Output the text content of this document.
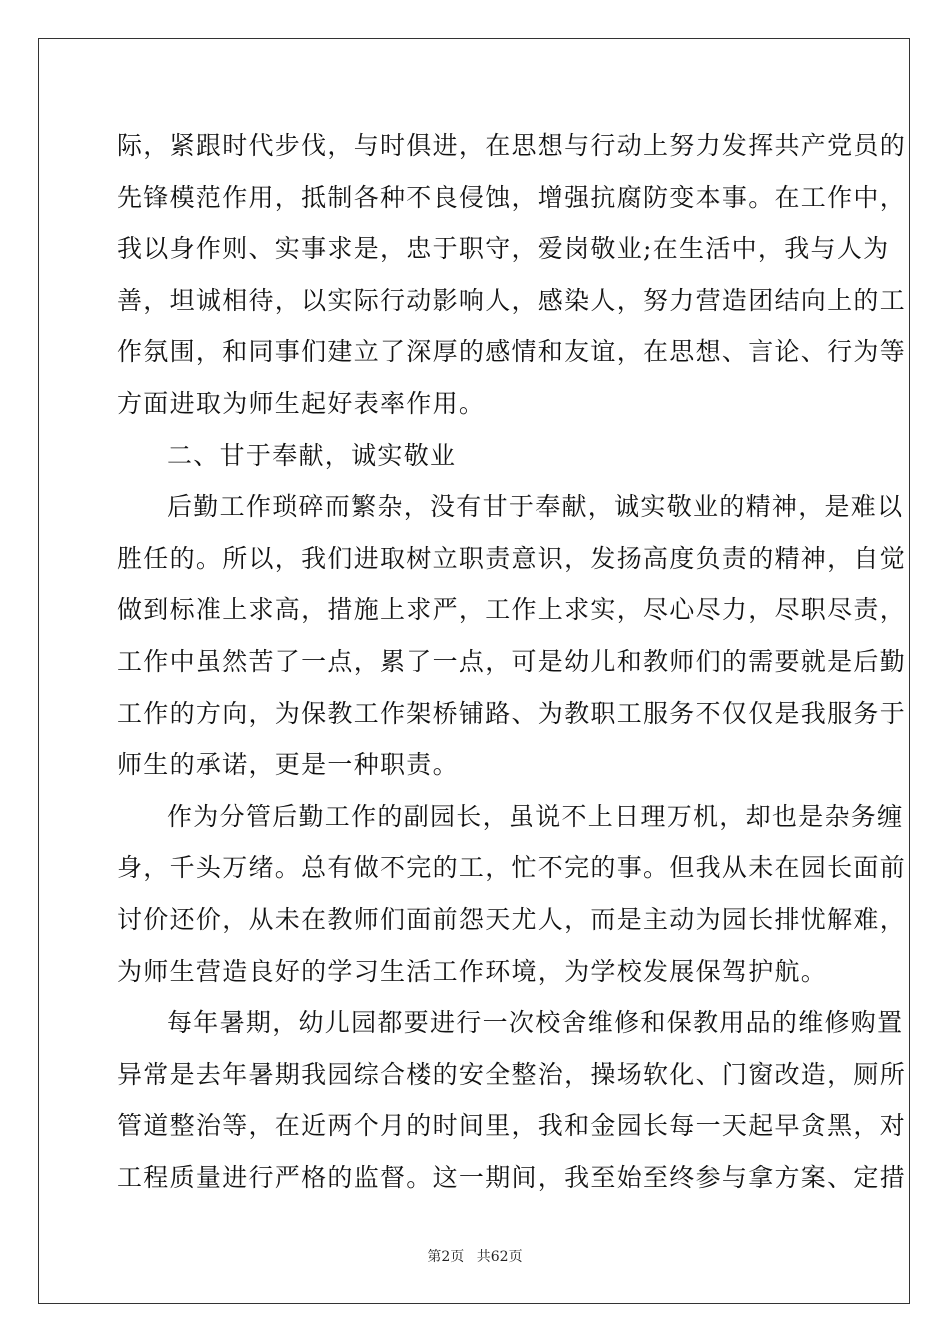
际，紧跟时代步伐，与时俱进，在思想与行动上努力发挥共产党员的
先锋模范作用，抵制各种不良侵蚀，增强抗腐防变本事。在工作中，
我以身作则、实事求是，忠于职守，爱岗敬业;在生活中，我与人为
善，坦诚相待，以实际行动影响人，感染人，努力营造团结向上的工
作氛围，和同事们建立了深厚的感情和友谊，在思想、言论、行为等
方面进取为师生起好表率作用。
二、甘于奉献，诚实敬业
后勤工作琐碎而繁杂，没有甘于奉献，诚实敬业的精神，是难以
胜任的。所以，我们进取树立职责意识，发扬高度负责的精神，自觉
做到标准上求高，措施上求严，工作上求实，尽心尽力，尽职尽责，
工作中虽然苦了一点，累了一点，可是幼儿和教师们的需要就是后勤
工作的方向，为保教工作架桥铺路、为教职工服务不仅仅是我服务于
师生的承诺，更是一种职责。
作为分管后勤工作的副园长，虽说不上日理万机，却也是杂务缠
身，千头万绪。总有做不完的工，忙不完的事。但我从未在园长面前
讨价还价，从未在教师们面前怨天尤人，而是主动为园长排忧解难，
为师生营造良好的学习生活工作环境，为学校发展保驾护航。
每年暑期，幼儿园都要进行一次校舍维修和保教用品的维修购置
异常是去年暑期我园综合楼的安全整治，操场软化、门窗改造，厕所
管道整治等，在近两个月的时间里，我和金园长每一天起早贪黑，对
工程质量进行严格的监督。这一期间，我至始至终参与拿方案、定措
第2页 共62页
